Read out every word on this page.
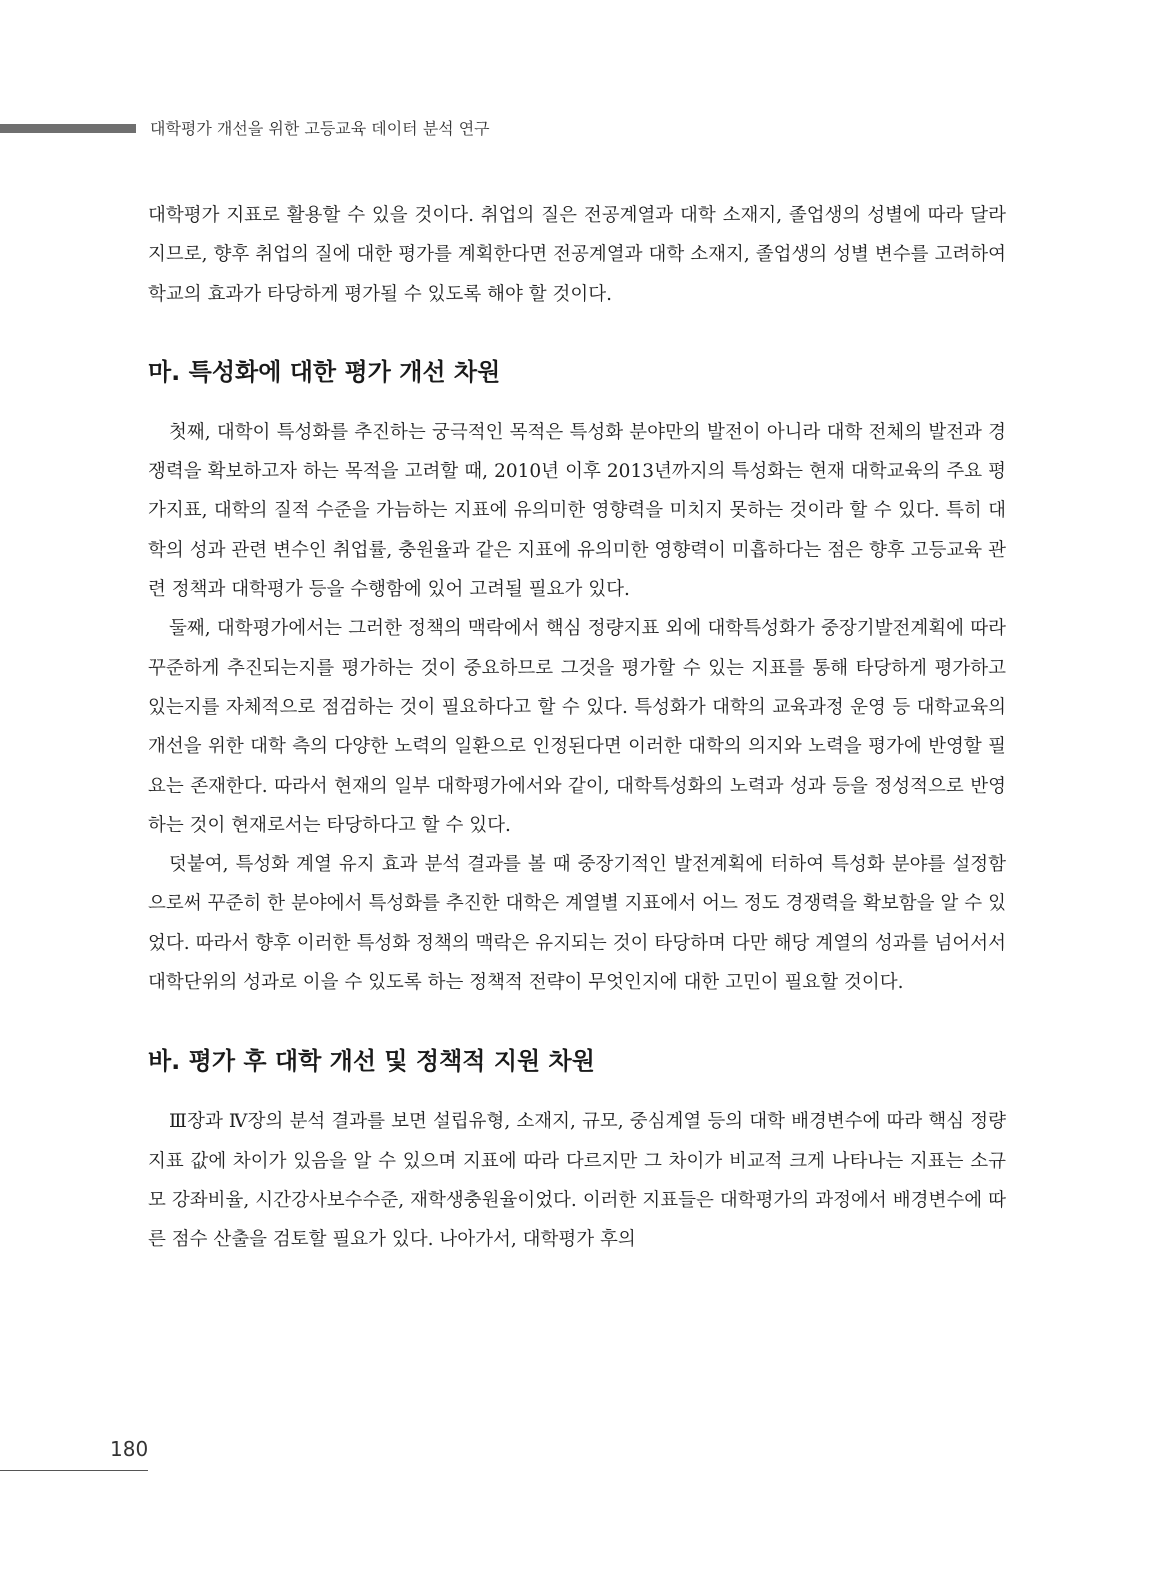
대학평가 개선을 위한 고등교육 데이터 분석 연구

대학평가 지표로 활용할 수 있을 것이다. 취업의 질은 전공계열과 대학 소재지, 졸업생의 성별에 따라 달라지므로, 향후 취업의 질에 대한 평가를 계획한다면 전공계열과 대학 소재지, 졸업생의 성별 변수를 고려하여 학교의 효과가 타당하게 평가될 수 있도록 해야 할 것이다.

마. 특성화에 대한 평가 개선 차원

첫째, 대학이 특성화를 추진하는 궁극적인 목적은 특성화 분야만의 발전이 아니라 대학 전체의 발전과 경쟁력을 확보하고자 하는 목적을 고려할 때, 2010년 이후 2013년까지의 특성화는 현재 대학교육의 주요 평가지표, 대학의 질적 수준을 가늠하는 지표에 유의미한 영향력을 미치지 못하는 것이라 할 수 있다. 특히 대학의 성과 관련 변수인 취업률, 충원율과 같은 지표에 유의미한 영향력이 미흡하다는 점은 향후 고등교육 관련 정책과 대학평가 등을 수행함에 있어 고려될 필요가 있다.

둘째, 대학평가에서는 그러한 정책의 맥락에서 핵심 정량지표 외에 대학특성화가 중장기발전계획에 따라 꾸준하게 추진되는지를 평가하는 것이 중요하므로 그것을 평가할 수 있는 지표를 통해 타당하게 평가하고 있는지를 자체적으로 점검하는 것이 필요하다고 할 수 있다. 특성화가 대학의 교육과정 운영 등 대학교육의 개선을 위한 대학 측의 다양한 노력의 일환으로 인정된다면 이러한 대학의 의지와 노력을 평가에 반영할 필요는 존재한다. 따라서 현재의 일부 대학평가에서와 같이, 대학특성화의 노력과 성과 등을 정성적으로 반영하는 것이 현재로서는 타당하다고 할 수 있다.

덧붙여, 특성화 계열 유지 효과 분석 결과를 볼 때 중장기적인 발전계획에 터하여 특성화 분야를 설정함으로써 꾸준히 한 분야에서 특성화를 추진한 대학은 계열별 지표에서 어느 정도 경쟁력을 확보함을 알 수 있었다. 따라서 향후 이러한 특성화 정책의 맥락은 유지되는 것이 타당하며 다만 해당 계열의 성과를 넘어서서 대학단위의 성과로 이을 수 있도록 하는 정책적 전략이 무엇인지에 대한 고민이 필요할 것이다.

바. 평가 후 대학 개선 및 정책적 지원 차원

Ⅲ장과 Ⅳ장의 분석 결과를 보면 설립유형, 소재지, 규모, 중심계열 등의 대학 배경변수에 따라 핵심 정량지표 값에 차이가 있음을 알 수 있으며 지표에 따라 다르지만 그 차이가 비교적 크게 나타나는 지표는 소규모 강좌비율, 시간강사보수수준, 재학생충원율이었다. 이러한 지표들은 대학평가의 과정에서 배경변수에 따른 점수 산출을 검토할 필요가 있다. 나아가서, 대학평가 후의

180
